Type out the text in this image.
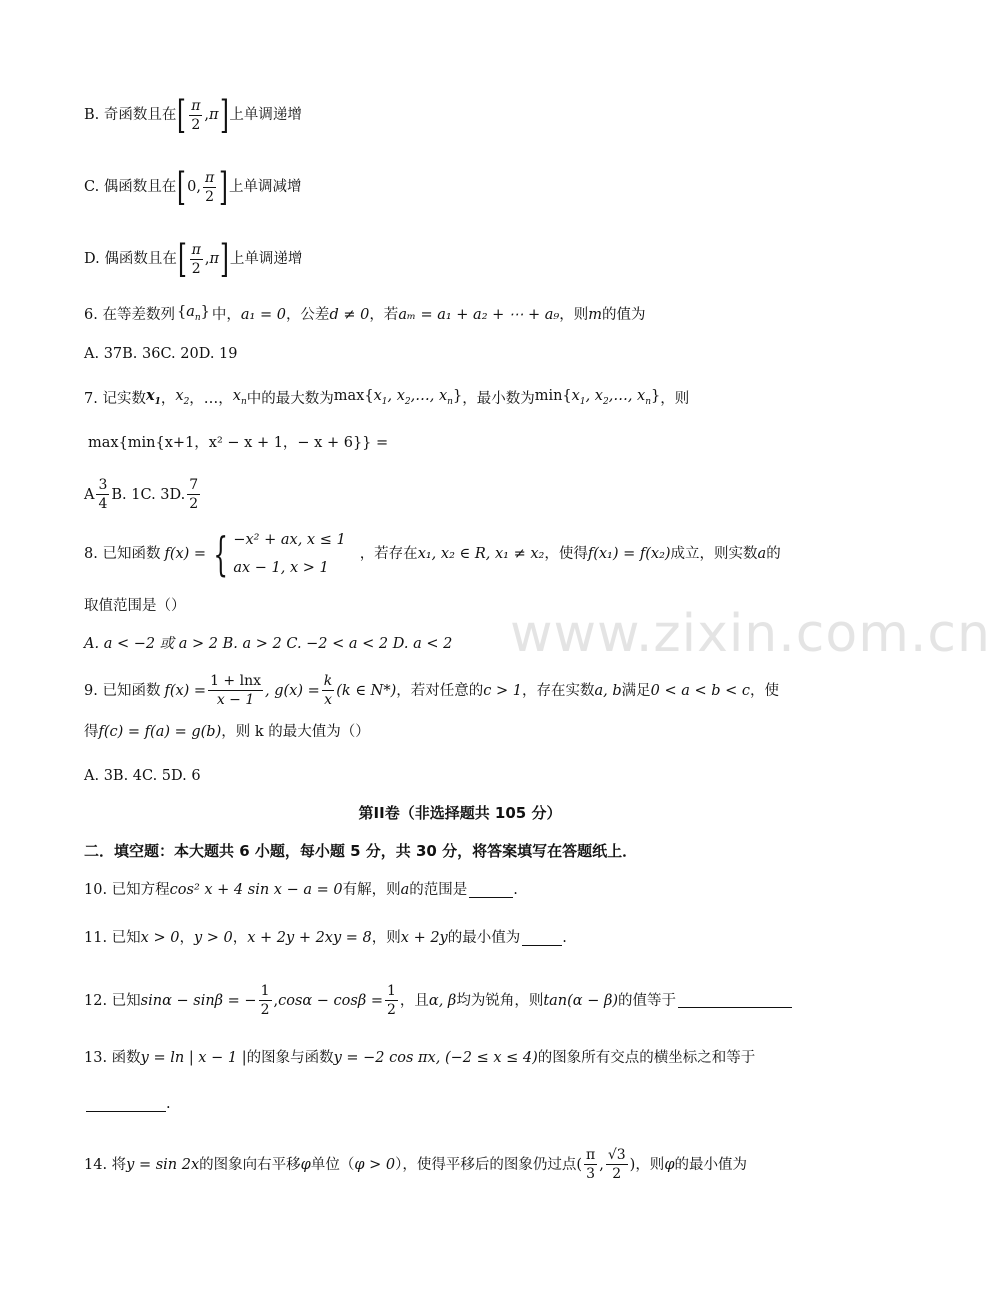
B.
奇函数且在 [ $\frac{\pi}{2}$ , π ] 上单调递增
C.
偶函数且在 [ 0 , $\frac{\pi}{2}$ ] 上单调减增
D.
偶函数且在 [ $\frac{\pi}{2}$ , π ] 上单调递增
6. 在等差数列 $\{a_n\}$ 中， a₁ = 0 ，公差 d ≠ 0 ，若 aₘ = a₁ + a₂ + ⋯ + a₉ ，则 m 的值为
A. 37B. 36C. 20D. 19
7. 记实数 $x_1$ ， $x_2$ ，…， $x_n$ 中的最大数为 $\max\{x_1$, $x_2,\dots$, $x_n$} ，最小数为 $\min\{x_1$, $x_2,\dots$, $x_n$} ，则
max{min{x+1，x² − x + 1，− x + 6}} =
A $\frac{3}{4} B$. 1C. 3D. $\frac{7}{2}$
8. 已知函数 f(x) = { −x² + ax, x ≤ 1
ax − 1, x > 1
，若存在 x₁, x₂ ∈ R, x₁ ≠ x₂ ，使得 f(x₁) = f(x₂) 成立，则实数 a 的
取值范围是（）
A. a < −2 或 a > 2 B. a > 2 C. −2 < a < 2 D. a < 2
9. 已知函数 $f(x) = \frac{1 + \ln x}{x - 1}$ , $g(x) = \frac{k}{x} (k$ ∈ N*) ，若对任意的 c > 1 ，存在实数 a, b 满足 0 < a < b < c ，使
得 f(c) = f(a) = g(b) ，则 k 的最大值为（）
A. 3B. 4C. 5D. 6
第II卷（非选择题共 105 分）
二．填空题：本大题共 6 小题，每小题 5 分，共 30 分，将答案填写在答题纸上．
10. 已知方程 cos² x + 4 sin x − a = 0 有解，则 a 的范围是	.
11. 已知 x > 0 ， y > 0 ， x + 2y + 2xy = 8 ，则 x + 2y 的最小值为	.
12. 已知 sinα − sinβ = − $\frac{1}{2}$ , $\cos\alpha - \cos\beta = \frac{1}{2}$ ，且 α, β 均为锐角，则 tan(α − β) 的值等于
13. 函数 y = ln | x − 1 | 的图象与函数 y = −2 cos πx, (−2 ≤ x ≤ 4) 的图象所有交点的横坐标之和等于
.
14. 将 y = sin 2x 的图象向右平移 φ 单位（ φ > 0 ），使得平移后的图象仍过点 ( $\frac{\pi}{3}$ , $\frac{√3}{2}$ ) ，则 φ 的最小值为
www.zixin.com.cn
